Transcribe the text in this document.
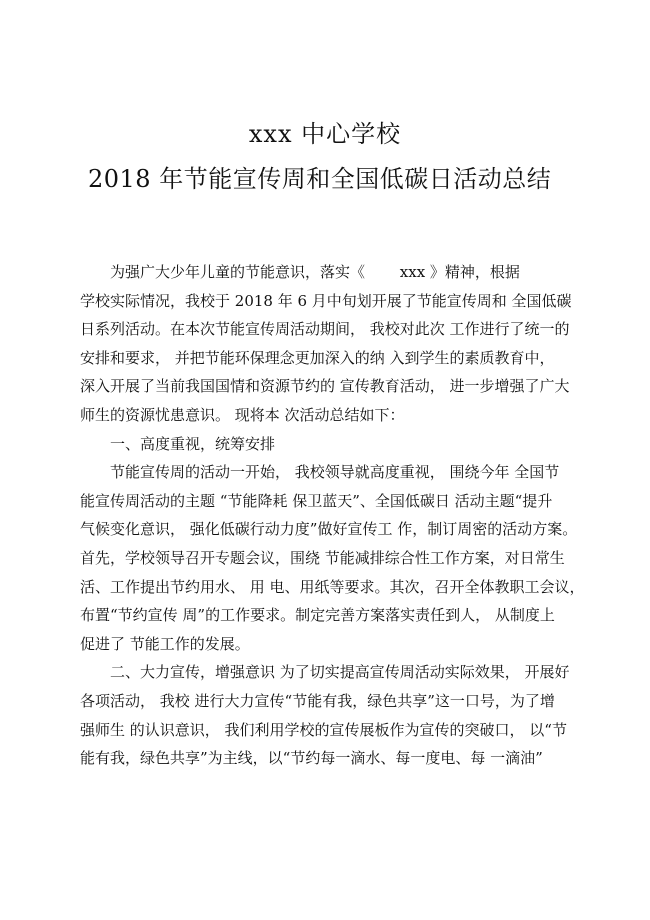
xxx 中心学校
2018 年节能宣传周和全国低碳日活动总结
为强广大少年儿童的节能意识，落实《 　　xxx 》精神，根据
学校实际情况，我校于 2018 年 6 月中旬划开展了节能宣传周和 全国低碳
日系列活动。在本次节能宣传周活动期间， 我校对此次 工作进行了统一的
安排和要求， 并把节能环保理念更加深入的纳 入到学生的素质教育中，
深入开展了当前我国国情和资源节约的 宣传教育活动， 进一步增强了广大
师生的资源忧患意识。 现将本 次活动总结如下：
一、高度重视，统筹安排
节能宣传周的活动一开始， 我校领导就高度重视， 围绕今年 全国节
能宣传周活动的主题 “节能降耗 保卫蓝天”、全国低碳日 活动主题“提升
气候变化意识， 强化低碳行动力度”做好宣传工 作，制订周密的活动方案。
首先，学校领导召开专题会议，围绕 节能减排综合性工作方案，对日常生
活、工作提出节约用水、 用 电、用纸等要求。其次，召开全体教职工会议，
布置“节约宣传 周”的工作要求。制定完善方案落实责任到人， 从制度上
促进了 节能工作的发展。
二、大力宣传，增强意识 为了切实提高宣传周活动实际效果， 开展好
各项活动， 我校 进行大力宣传“节能有我，绿色共享”这一口号，为了增
强师生 的认识意识， 我们利用学校的宣传展板作为宣传的突破口， 以“节
能有我，绿色共享”为主线，以“节约每一滴水、每一度电、每 一滴油”
